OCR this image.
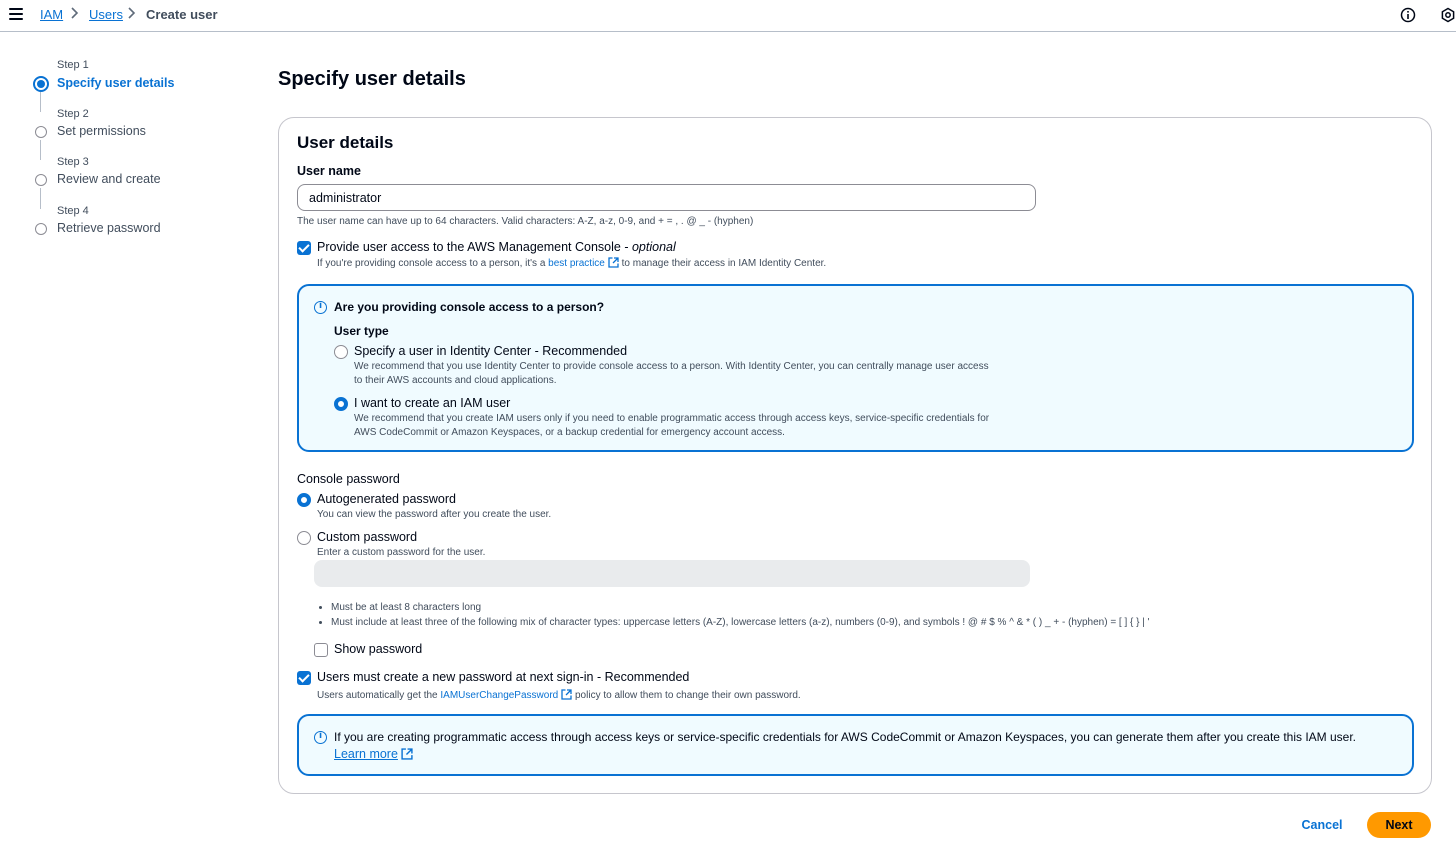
IAM Users Create user
Step 1
Specify user details
Step 2
Set permissions
Step 3
Review and create
Step 4
Retrieve password
Specify user details
User details
User name
administrator
The user name can have up to 64 characters. Valid characters: A-Z, a-z, 0-9, and + = , . @ _ - (hyphen)
Provide user access to the AWS Management Console - optional
If you're providing console access to a person, it's a best practice to manage their access in IAM Identity Center.
i
Are you providing console access to a person?
User type
Specify a user in Identity Center - Recommended
We recommend that you use Identity Center to provide console access to a person. With Identity Center, you can centrally manage user access
to their AWS accounts and cloud applications.
I want to create an IAM user
We recommend that you create IAM users only if you need to enable programmatic access through access keys, service-specific credentials for
AWS CodeCommit or Amazon Keyspaces, or a backup credential for emergency account access.
Console password
Autogenerated password
You can view the password after you create the user.
Custom password
Enter a custom password for the user.
• Must be at least 8 characters long
• Must include at least three of the following mix of character types: uppercase letters (A-Z), lowercase letters (a-z), numbers (0-9), and symbols ! @ # $ % ^ & * ( ) _ + - (hyphen) = [ ] { } | '
Show password
Users must create a new password at next sign-in - Recommended
Users automatically get the IAMUserChangePassword policy to allow them to change their own password.
i
If you are creating programmatic access through access keys or service-specific credentials for AWS CodeCommit or Amazon Keyspaces, you can generate them after you create this IAM user.
Learn more
Cancel	Next
